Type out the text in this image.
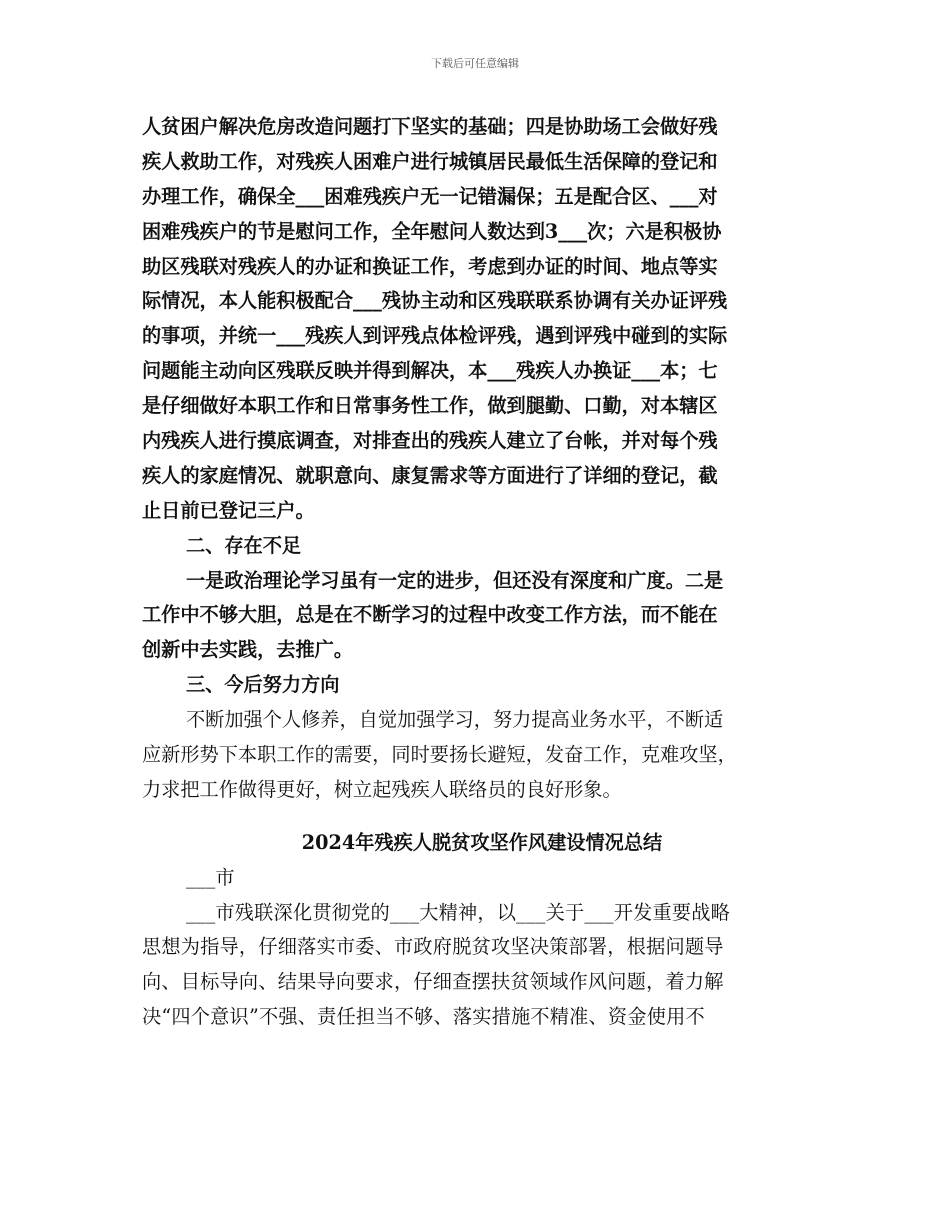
下载后可任意编辑
人贫困户解决危房改造问题打下坚实的基础；四是协助场工会做好残
疾人救助工作，对残疾人困难户进行城镇居民最低生活保障的登记和
办理工作，确保全___困难残疾户无一记错漏保；五是配合区、___对
困难残疾户的节是慰问工作，全年慰问人数达到3___次；六是积极协
助区残联对残疾人的办证和换证工作，考虑到办证的时间、地点等实
际情况，本人能积极配合___残协主动和区残联联系协调有关办证评残
的事项，并统一___残疾人到评残点体检评残，遇到评残中碰到的实际
问题能主动向区残联反映并得到解决，本___残疾人办换证___本；七
是仔细做好本职工作和日常事务性工作，做到腿勤、口勤，对本辖区
内残疾人进行摸底调查，对排查出的残疾人建立了台帐，并对每个残
疾人的家庭情况、就职意向、康复需求等方面进行了详细的登记，截
止日前已登记三户。
二、存在不足
一是政治理论学习虽有一定的进步，但还没有深度和广度。二是
工作中不够大胆，总是在不断学习的过程中改变工作方法，而不能在
创新中去实践，去推广。
三、今后努力方向
不断加强个人修养，自觉加强学习，努力提高业务水平，不断适
应新形势下本职工作的需要，同时要扬长避短，发奋工作，克难攻坚，
力求把工作做得更好，树立起残疾人联络员的良好形象。
2024年残疾人脱贫攻坚作风建设情况总结
___市
___市残联深化贯彻党的___大精神，以___关于___开发重要战略
思想为指导，仔细落实市委、市政府脱贫攻坚决策部署，根据问题导
向、目标导向、结果导向要求，仔细查摆扶贫领域作风问题，着力解
决“四个意识”不强、责任担当不够、落实措施不精准、资金使用不
